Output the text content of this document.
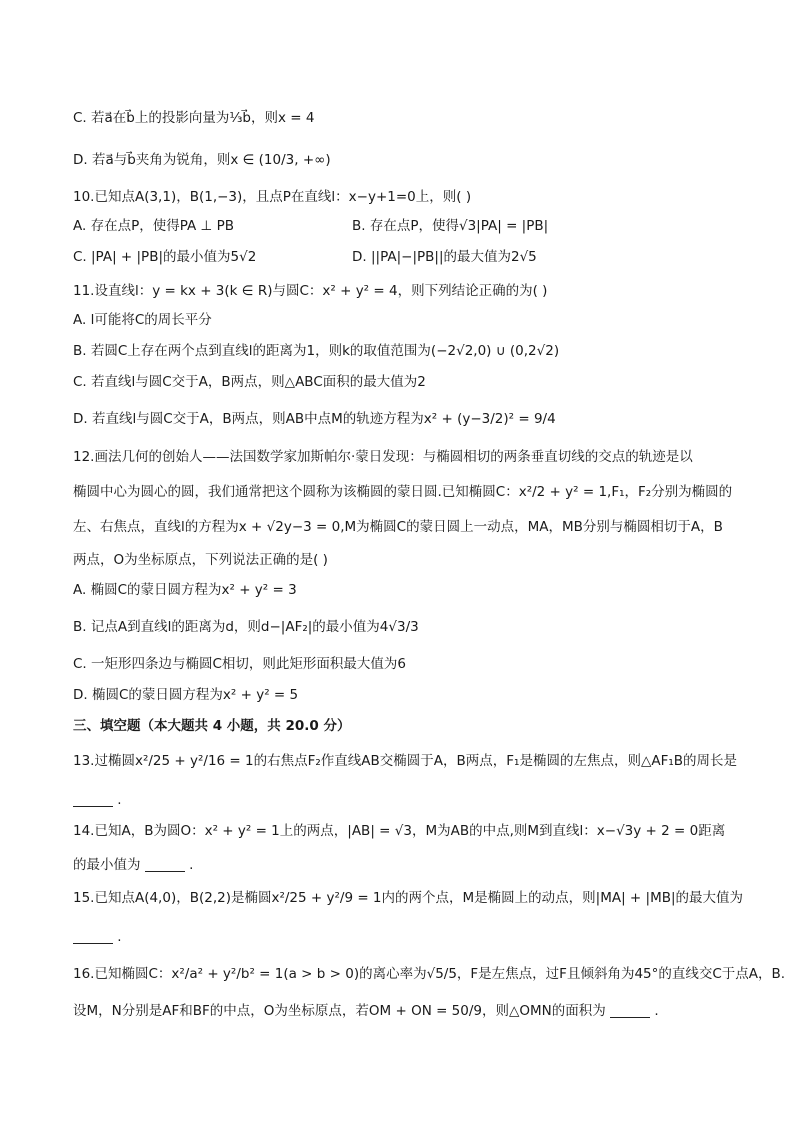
C. 若a⃗在b⃗上的投影向量为⅓b⃗，则x = 4
D. 若a⃗与b⃗夹角为锐角，则x ∈ (10/3, +∞)
10.已知点A(3,1)，B(1,−3)，且点P在直线l：x−y+1=0上，则( )
A. 存在点P，使得PA ⊥ PB	B. 存在点P，使得√3|PA| = |PB|
C. |PA| + |PB|的最小值为5√2	D. ||PA|−|PB||的最大值为2√5
11.设直线l：y = kx + 3(k ∈ R)与圆C：x² + y² = 4，则下列结论正确的为( )
A. l可能将C的周长平分
B. 若圆C上存在两个点到直线l的距离为1，则k的取值范围为(−2√2,0) ∪ (0,2√2)
C. 若直线l与圆C交于A，B两点，则△ABC面积的最大值为2
D. 若直线l与圆C交于A，B两点，则AB中点M的轨迹方程为x² + (y−3/2)² = 9/4
12.画法几何的创始人——法国数学家加斯帕尔·蒙日发现：与椭圆相切的两条垂直切线的交点的轨迹是以
椭圆中心为圆心的圆，我们通常把这个圆称为该椭圆的蒙日圆.已知椭圆C：x²/2 + y² = 1,F₁，F₂分别为椭圆的
左、右焦点，直线l的方程为x + √2y−3 = 0,M为椭圆C的蒙日圆上一动点，MA，MB分别与椭圆相切于A，B
两点，O为坐标原点，下列说法正确的是( )
A. 椭圆C的蒙日圆方程为x² + y² = 3
B. 记点A到直线l的距离为d，则d−|AF₂|的最小值为4√3/3
C. 一矩形四条边与椭圆C相切，则此矩形面积最大值为6
D. 椭圆C的蒙日圆方程为x² + y² = 5
三、填空题（本大题共 4 小题，共 20.0 分）
13.过椭圆x²/25 + y²/16 = 1的右焦点F₂作直线AB交椭圆于A，B两点，F₁是椭圆的左焦点，则△AF₁B的周长是
.
14.已知A，B为圆O：x² + y² = 1上的两点，|AB| = √3，M为AB的中点,则M到直线l：x−√3y + 2 = 0距离
的最小值为	.
15.已知点A(4,0)，B(2,2)是椭圆x²/25 + y²/9 = 1内的两个点，M是椭圆上的动点，则|MA| + |MB|的最大值为
.
16.已知椭圆C：x²/a² + y²/b² = 1(a > b > 0)的离心率为√5/5，F是左焦点，过F且倾斜角为45°的直线交C于点A，B.
设M，N分别是AF和BF的中点，O为坐标原点，若OM + ON = 50/9，则△OMN的面积为	.
